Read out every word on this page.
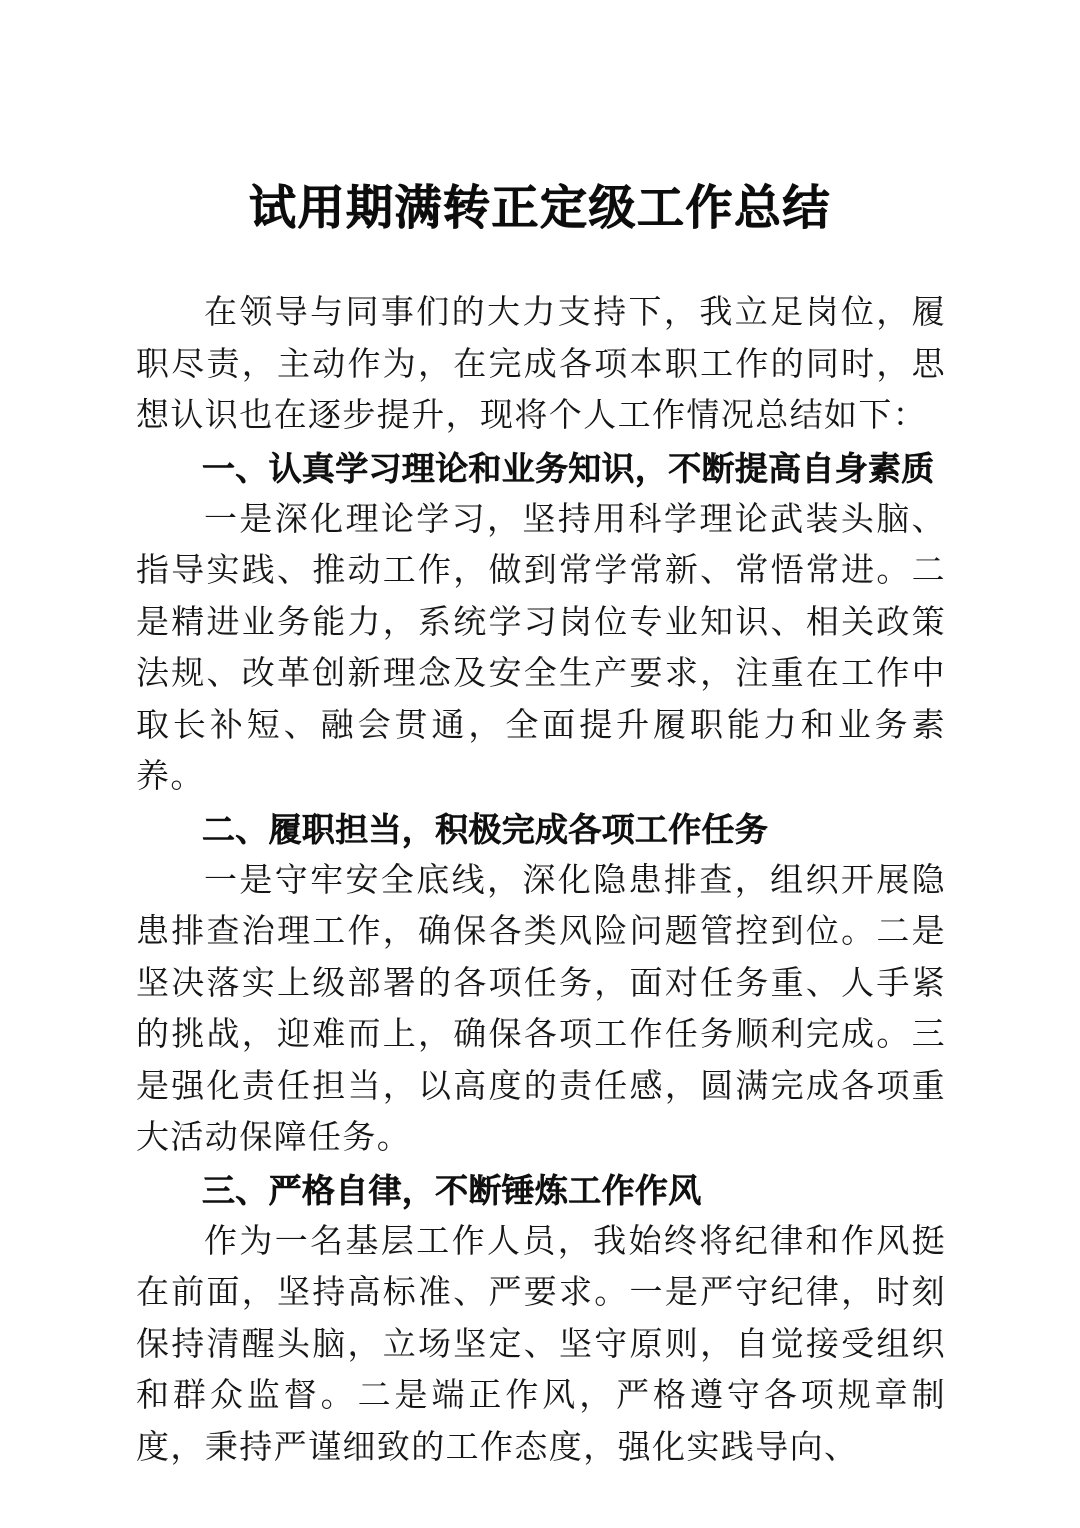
试用期满转正定级工作总结

在领导与同事们的大力支持下，我立足岗位，履职尽责，主动作为，在完成各项本职工作的同时，思想认识也在逐步提升，现将个人工作情况总结如下：

一、认真学习理论和业务知识，不断提高自身素质

一是深化理论学习，坚持用科学理论武装头脑、指导实践、推动工作，做到常学常新、常悟常进。二是精进业务能力，系统学习岗位专业知识、相关政策法规、改革创新理念及安全生产要求，注重在工作中取长补短、融会贯通，全面提升履职能力和业务素养。

二、履职担当，积极完成各项工作任务

一是守牢安全底线，深化隐患排查，组织开展隐患排查治理工作，确保各类风险问题管控到位。二是坚决落实上级部署的各项任务，面对任务重、人手紧的挑战，迎难而上，确保各项工作任务顺利完成。三是强化责任担当，以高度的责任感，圆满完成各项重大活动保障任务。

三、严格自律，不断锤炼工作作风

作为一名基层工作人员，我始终将纪律和作风挺在前面，坚持高标准、严要求。一是严守纪律，时刻保持清醒头脑，立场坚定、坚守原则，自觉接受组织和群众监督。二是端正作风，严格遵守各项规章制度，秉持严谨细致的工作态度，强化实践导向、
